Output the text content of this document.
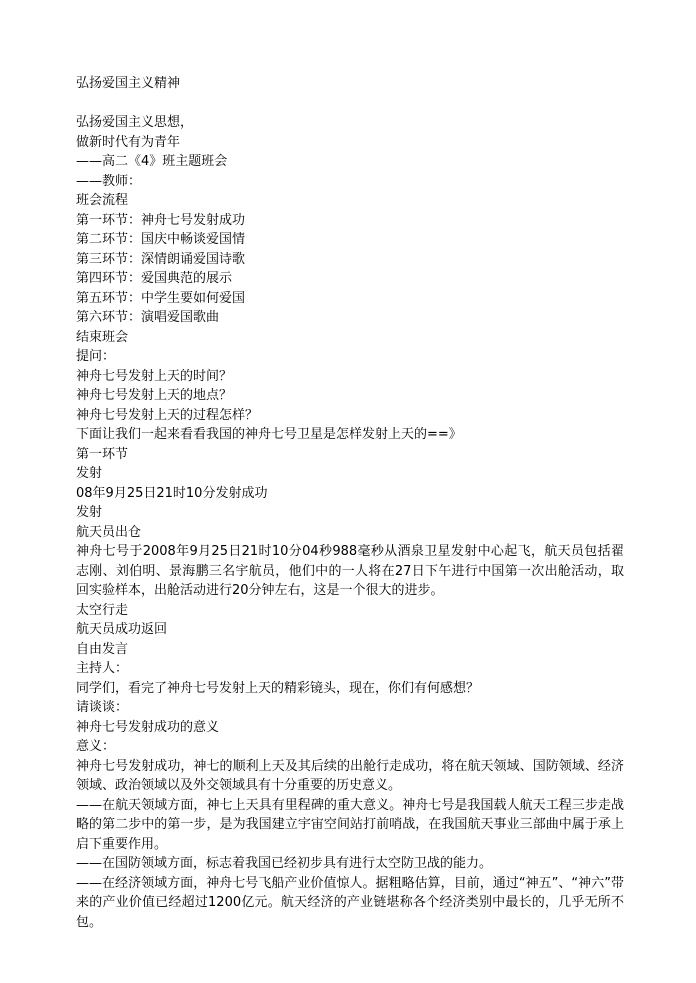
弘扬爱国主义精神
弘扬爱国主义思想，
做新时代有为青年
——高二《4》班主题班会
——教师：
班会流程
第一环节：神舟七号发射成功
第二环节：国庆中畅谈爱国情
第三环节：深情朗诵爱国诗歌
第四环节：爱国典范的展示
第五环节：中学生要如何爱国
第六环节：演唱爱国歌曲
结束班会
提问：
神舟七号发射上天的时间？
神舟七号发射上天的地点？
神舟七号发射上天的过程怎样？
下面让我们一起来看看我国的神舟七号卫星是怎样发射上天的==》
第一环节
发射
08年9月25日21时10分发射成功
发射
航天员出仓
神舟七号于2008年9月25日21时10分04秒988毫秒从酒泉卫星发射中心起飞，航天员包括翟志刚、刘伯明、景海鹏三名宇航员，他们中的一人将在27日下午进行中国第一次出舱活动，取回实验样本，出舱活动进行20分钟左右，这是一个很大的进步。
太空行走
航天员成功返回
自由发言
主持人：
同学们，看完了神舟七号发射上天的精彩镜头，现在，你们有何感想？
请谈谈：
神舟七号发射成功的意义
意义：
神舟七号发射成功，神七的顺利上天及其后续的出舱行走成功，将在航天领域、国防领域、经济领域、政治领域以及外交领域具有十分重要的历史意义。
——在航天领域方面，神七上天具有里程碑的重大意义。神舟七号是我国载人航天工程三步走战略的第二步中的第一步，是为我国建立宇宙空间站打前哨战，在我国航天事业三部曲中属于承上启下重要作用。
——在国防领域方面，标志着我国已经初步具有进行太空防卫战的能力。
——在经济领域方面，神舟七号飞船产业价值惊人。据粗略估算，目前，通过“神五”、“神六”带来的产业价值已经超过1200亿元。航天经济的产业链堪称各个经济类别中最长的，几乎无所不包。
